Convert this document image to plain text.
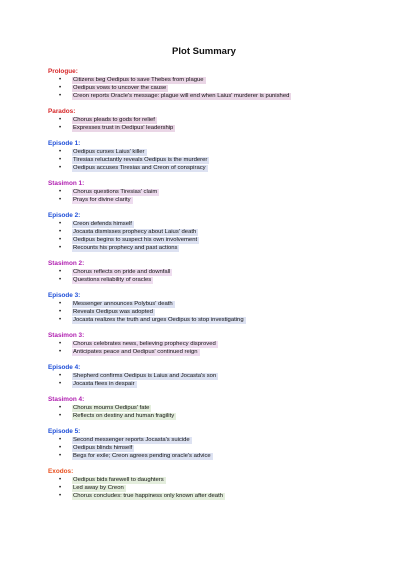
Plot Summary
Prologue:
• Citizens beg Oedipus to save Thebes from plague
• Oedipus vows to uncover the cause
• Creon reports Oracle's message: plague will end when Laius' murderer is punished
Parados:
• Chorus pleads to gods for relief
• Expresses trust in Oedipus' leadership
Episode 1:
• Oedipus curses Laius' killer
• Tiresias reluctantly reveals Oedipus is the murderer
• Oedipus accuses Tiresias and Creon of conspiracy
Stasimon 1:
• Chorus questions Tiresias' claim
• Prays for divine clarity
Episode 2:
• Creon defends himself
• Jocasta dismisses prophecy about Laius' death
• Oedipus begins to suspect his own involvement
• Recounts his prophecy and past actions
Stasimon 2:
• Chorus reflects on pride and downfall
• Questions reliability of oracles
Episode 3:
• Messenger announces Polybus' death
• Reveals Oedipus was adopted
• Jocasta realizes the truth and urges Oedipus to stop investigating
Stasimon 3:
• Chorus celebrates news, believing prophecy disproved
• Anticipates peace and Oedipus' continued reign
Episode 4:
• Shepherd confirms Oedipus is Laius and Jocasta's son
• Jocasta flees in despair
Stasimon 4:
• Chorus mourns Oedipus' fate
• Reflects on destiny and human fragility
Episode 5:
• Second messenger reports Jocasta's suicide
• Oedipus blinds himself
• Begs for exile; Creon agrees pending oracle's advice
Exodos:
• Oedipus bids farewell to daughters
• Led away by Creon
• Chorus concludes: true happiness only known after death
